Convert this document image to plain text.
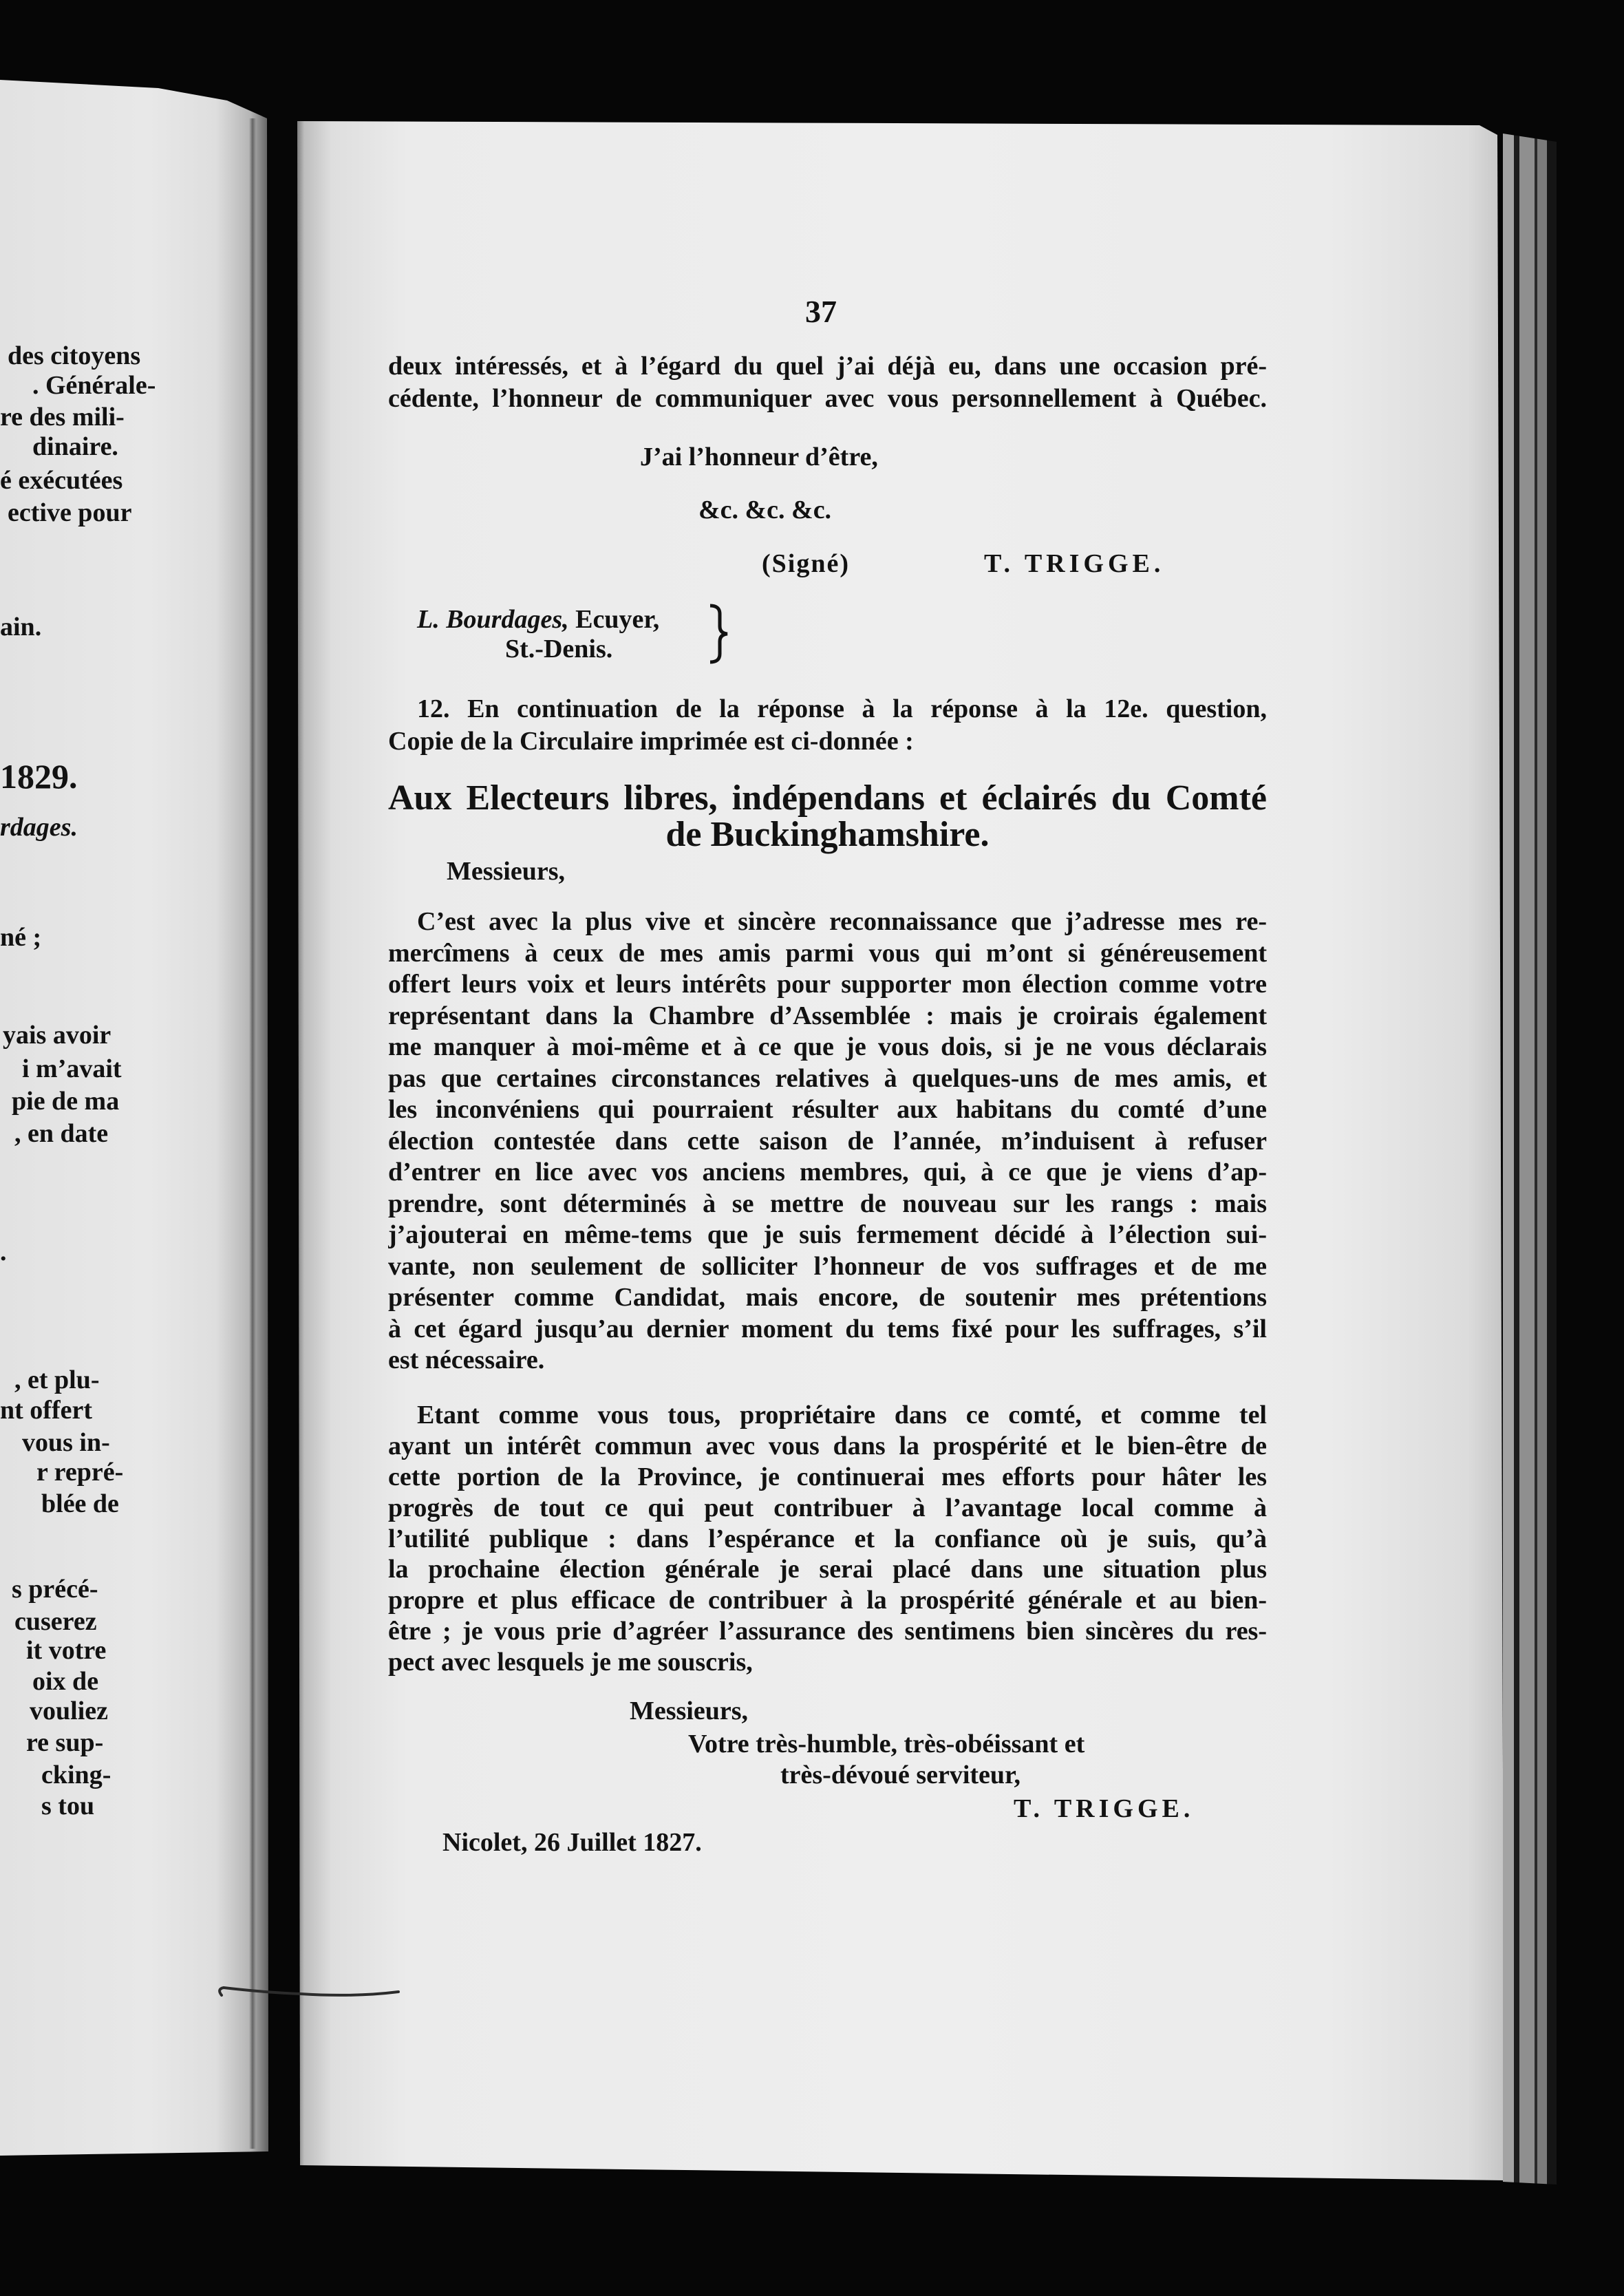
des citoyens
. Générale-
re des mili-
dinaire.
é exécutées
ective pour
ain.
1829.
rdages.
né ;
yais avoir
i m’avait
pie de ma
, en date
.
, et plu-
nt offert
vous in-
r repré-
blée de
s précé-
cuserez
it votre
oix de
vouliez
re sup-
cking-
s tou
37
deux intéressés, et à l’égard du quel j’ai déjà eu, dans une occasion pré-
cédente, l’honneur de communiquer avec vous personnellement à Québec.
J’ai l’honneur d’être,
&c. &c. &c.
(Signé)	T. TRIGGE.
L. Bourdages, Ecuyer,
St.-Denis.
12. En continuation de la réponse à la réponse à la 12e. question,
Copie de la Circulaire imprimée est ci-donnée :
Aux Electeurs libres, indépendans et éclairés du Comté
de Buckinghamshire.
Messieurs,
C’est avec la plus vive et sincère reconnaissance que j’adresse mes re-
mercîmens à ceux de mes amis parmi vous qui m’ont si généreusement
offert leurs voix et leurs intérêts pour supporter mon élection comme votre
représentant dans la Chambre d’Assemblée : mais je croirais également
me manquer à moi-même et à ce que je vous dois, si je ne vous déclarais
pas que certaines circonstances relatives à quelques-uns de mes amis, et
les inconvéniens qui pourraient résulter aux habitans du comté d’une
élection contestée dans cette saison de l’année, m’induisent à refuser
d’entrer en lice avec vos anciens membres, qui, à ce que je viens d’ap-
prendre, sont déterminés à se mettre de nouveau sur les rangs : mais
j’ajouterai en même-tems que je suis fermement décidé à l’élection sui-
vante, non seulement de solliciter l’honneur de vos suffrages et de me
présenter comme Candidat, mais encore, de soutenir mes prétentions
à cet égard jusqu’au dernier moment du tems fixé pour les suffrages, s’il
est nécessaire.
Etant comme vous tous, propriétaire dans ce comté, et comme tel
ayant un intérêt commun avec vous dans la prospérité et le bien-être de
cette portion de la Province, je continuerai mes efforts pour hâter les
progrès de tout ce qui peut contribuer à l’avantage local comme à
l’utilité publique : dans l’espérance et la confiance où je suis, qu’à
la prochaine élection générale je serai placé dans une situation plus
propre et plus efficace de contribuer à la prospérité générale et au bien-
être ; je vous prie d’agréer l’assurance des sentimens bien sincères du res-
pect avec lesquels je me souscris,
Messieurs,
Votre très-humble, très-obéissant et
très-dévoué serviteur,
T. TRIGGE.
Nicolet, 26 Juillet 1827.
